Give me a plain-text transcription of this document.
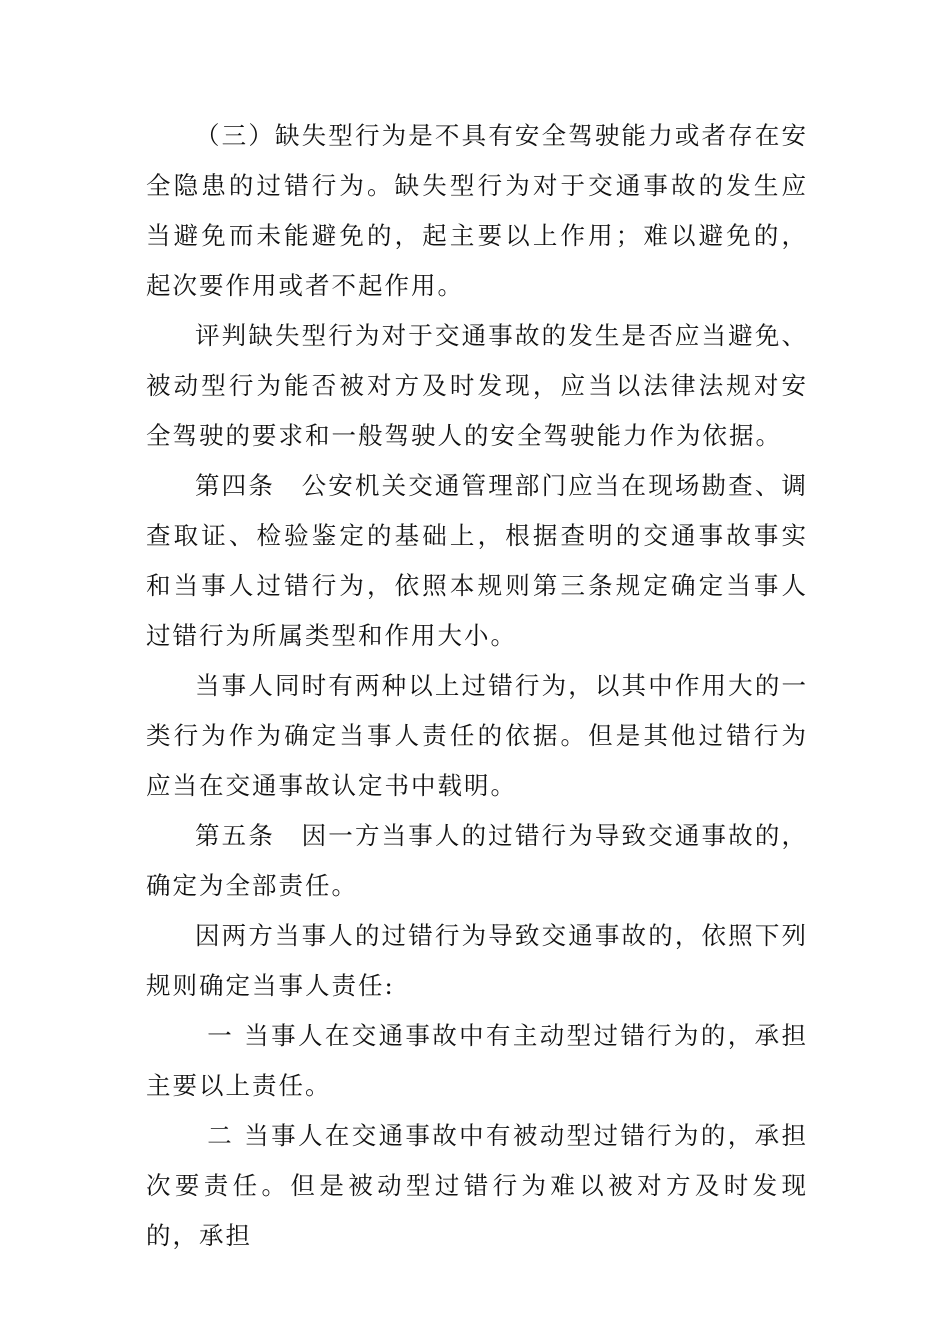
（三）缺失型行为是不具有安全驾驶能力或者存在安全隐患的过错行为。缺失型行为对于交通事故的发生应当避免而未能避免的，起主要以上作用；难以避免的，起次要作用或者不起作用。

评判缺失型行为对于交通事故的发生是否应当避免、被动型行为能否被对方及时发现，应当以法律法规对安全驾驶的要求和一般驾驶人的安全驾驶能力作为依据。

第四条　公安机关交通管理部门应当在现场勘查、调查取证、检验鉴定的基础上，根据查明的交通事故事实和当事人过错行为，依照本规则第三条规定确定当事人过错行为所属类型和作用大小。

当事人同时有两种以上过错行为，以其中作用大的一类行为作为确定当事人责任的依据。但是其他过错行为应当在交通事故认定书中载明。

第五条　因一方当事人的过错行为导致交通事故的，确定为全部责任。

因两方当事人的过错行为导致交通事故的，依照下列规则确定当事人责任:

一 当事人在交通事故中有主动型过错行为的，承担主要以上责任。

二 当事人在交通事故中有被动型过错行为的，承担次要责任。但是被动型过错行为难以被对方及时发现的，承担
